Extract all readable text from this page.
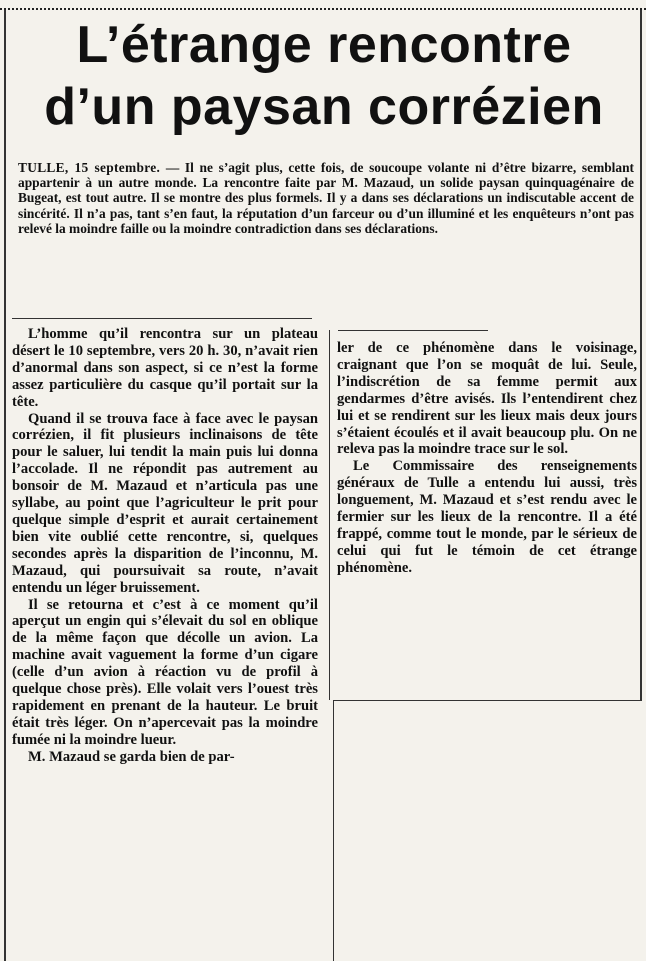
L’étrange rencontre
d’un paysan corrézien
TULLE, 15 septembre. — Il ne s’agit plus, cette fois, de soucoupe volante ni d’être bizarre, semblant appartenir à un autre monde. La rencontre faite par M. Mazaud, un solide paysan quinquagénaire de Bugeat, est tout autre. Il se montre des plus formels. Il y a dans ses déclarations un indiscutable accent de sincérité. Il n’a pas, tant s’en faut, la réputation d’un farceur ou d’un illuminé et les enquêteurs n’ont pas relevé la moindre faille ou la moindre contradiction dans ses déclarations.

L’homme qu’il rencontra sur un plateau désert le 10 septembre, vers 20 h. 30, n’avait rien d’anormal dans son aspect, si ce n’est la forme assez particulière du casque qu’il portait sur la tête.

Quand il se trouva face à face avec le paysan corrézien, il fit plusieurs inclinaisons de tête pour le saluer, lui tendit la main puis lui donna l’accolade. Il ne répondit pas autrement au bonsoir de M. Mazaud et n’articula pas une syllabe, au point que l’agriculteur le prit pour quelque simple d’esprit et aurait certainement bien vite oublié cette rencontre, si, quelques secondes après la disparition de l’inconnu, M. Mazaud, qui poursuivait sa route, n’avait entendu un léger bruissement.

Il se retourna et c’est à ce moment qu’il aperçut un engin qui s’élevait du sol en oblique de la même façon que décolle un avion. La machine avait vaguement la forme d’un cigare (celle d’un avion à réaction vu de profil à quelque chose près). Elle volait vers l’ouest très rapidement en prenant de la hauteur. Le bruit était très léger. On n’apercevait pas la moindre fumée ni la moindre lueur.

M. Mazaud se garda bien de par-

ler de ce phénomène dans le voisinage, craignant que l’on se moquât de lui. Seule, l’indiscrétion de sa femme permit aux gendarmes d’être avisés. Ils l’entendirent chez lui et se rendirent sur les lieux mais deux jours s’étaient écoulés et il avait beaucoup plu. On ne releva pas la moindre trace sur le sol.

Le Commissaire des renseignements généraux de Tulle a entendu lui aussi, très longuement, M. Mazaud et s’est rendu avec le fermier sur les lieux de la rencontre. Il a été frappé, comme tout le monde, par le sérieux de celui qui fut le témoin de cet étrange phénomène.
